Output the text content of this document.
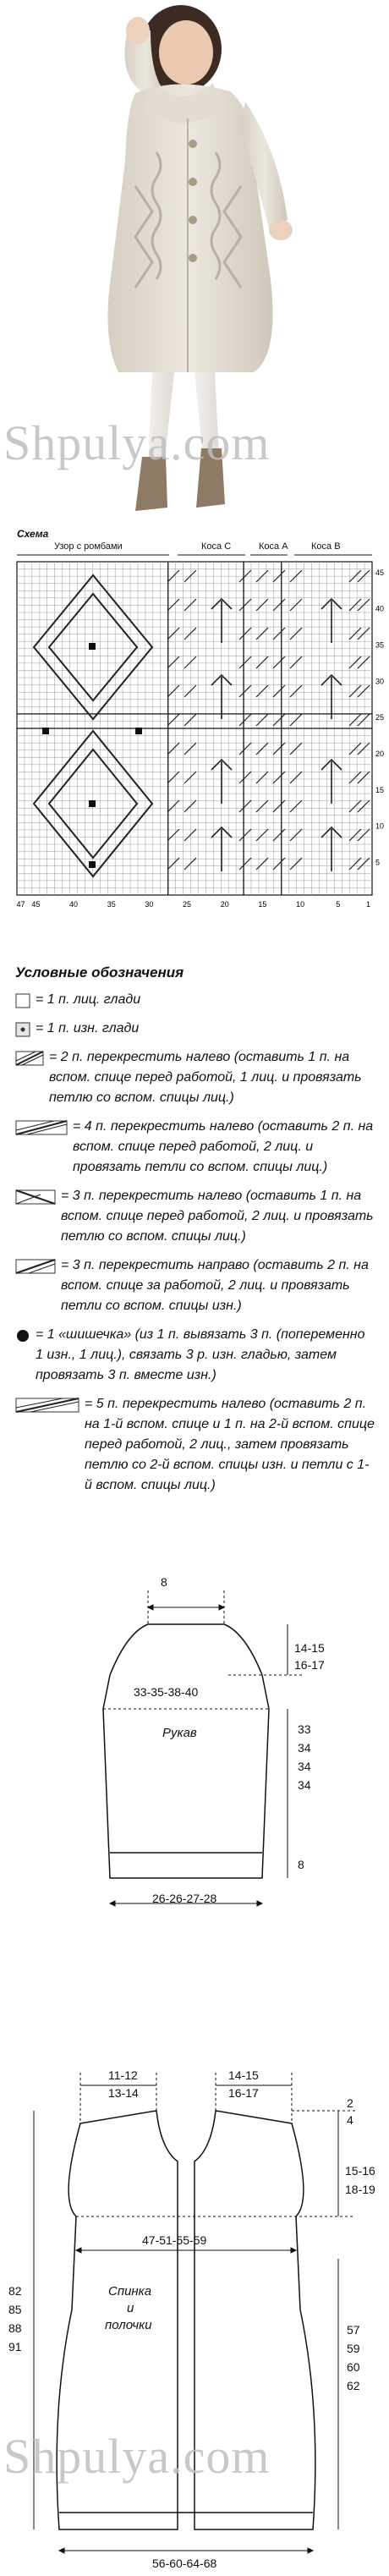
Shpulya.com
Схема
Узор с ромбами	Коса С	Коса А Коса В
5
10
15
20
25
30
35
40
45
47 45	40	35	30	25	20	15	10	5	1
Условные обозначения
= 1 п. лиц. глади
= 1 п. изн. глади
= 2 п. перекрестить налево (оставить 1 п. на вспом. спице перед работой, 1 лиц. и провязать петлю со вспом. спицы лиц.)
= 4 п. перекрестить налево (оставить 2 п. на вспом. спице перед работой, 2 лиц. и провязать петли со вспом. спицы лиц.)
= 3 п. перекрестить налево (оставить 1 п. на вспом. спице перед работой, 2 лиц. и провязать петлю со вспом. спицы лиц.)
= 3 п. перекрестить направо (оставить 2 п. на вспом. спице за работой, 2 лиц. и провязать петли со вспом. спицы изн.)
= 1 «шишечка» (из 1 п. вывязать 3 п. (попеременно 1 изн., 1 лиц.), связать 3 р. изн. гладью, затем провязать 3 п. вместе изн.)
= 5 п. перекрестить налево (оставить 2 п. на 1-й вспом. спице и 1 п. на 2-й вспом. спице перед работой, 2 лиц., затем провязать петлю со 2-й вспом. спицы изн. и петли с 1-й вспом. спицы лиц.)
8
33-35-38-40
Рукав
14-15
16-17
33
34
34
34
8
26-26-27-28
11-12
13-14
14-15
16-17
2
4
15-16
18-19
47-51-55-59
Спинка
и
полочки
82
85
88
91
57
59
60
62
56-60-64-68
Shpulya.com
